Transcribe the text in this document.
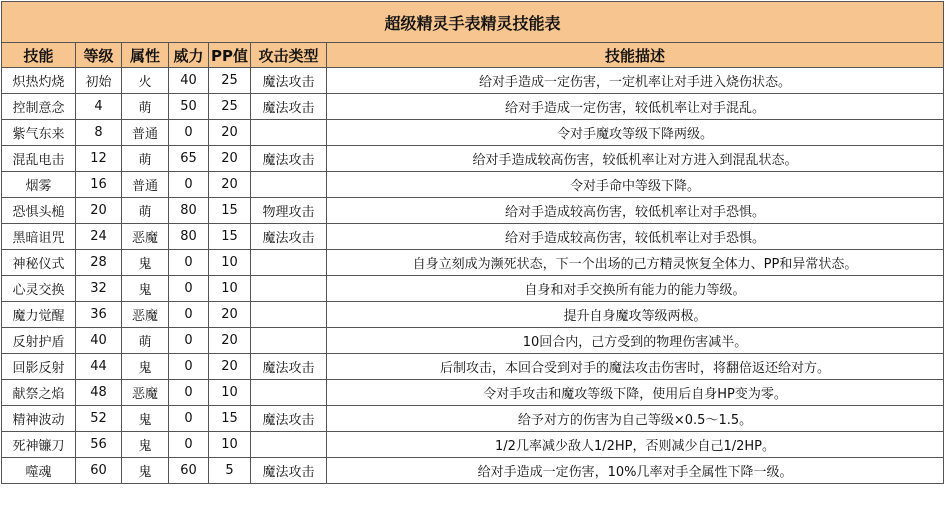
超级精灵手表精灵技能表						
技能	等级	属性	威力	PP值	攻击类型	技能描述
炽热灼烧	初始	火	40	25	魔法攻击	给对手造成一定伤害，一定机率让对手进入烧伤状态。
控制意念	4	萌	50	25	魔法攻击	给对手造成一定伤害，较低机率让对手混乱。
紫气东来	8	普通	0	20		令对手魔攻等级下降两级。
混乱电击	12	萌	65	20	魔法攻击	给对手造成较高伤害，较低机率让对方进入到混乱状态。
烟雾	16	普通	0	20		令对手命中等级下降。
恐惧头槌	20	萌	80	15	物理攻击	给对手造成较高伤害，较低机率让对手恐惧。
黑暗诅咒	24	恶魔	80	15	魔法攻击	给对手造成较高伤害，较低机率让对手恐惧。
神秘仪式	28	鬼	0	10		自身立刻成为濒死状态，下一个出场的己方精灵恢复全体力、PP和异常状态。
心灵交换	32	鬼	0	10		自身和对手交换所有能力的能力等级。
魔力觉醒	36	恶魔	0	20		提升自身魔攻等级两极。
反射护盾	40	萌	0	20		10回合内，己方受到的物理伤害减半。
回影反射	44	鬼	0	20	魔法攻击	后制攻击，本回合受到对手的魔法攻击伤害时，将翻倍返还给对方。
献祭之焰	48	恶魔	0	10		令对手攻击和魔攻等级下降，使用后自身HP变为零。
精神波动	52	鬼	0	15	魔法攻击	给予对方的伤害为自己等级×0.5～1.5。
死神镰刀	56	鬼	0	10		1/2几率减少敌人1/2HP，否则减少自己1/2HP。
噬魂	60	鬼	60	5	魔法攻击	给对手造成一定伤害，10%几率对手全属性下降一级。
